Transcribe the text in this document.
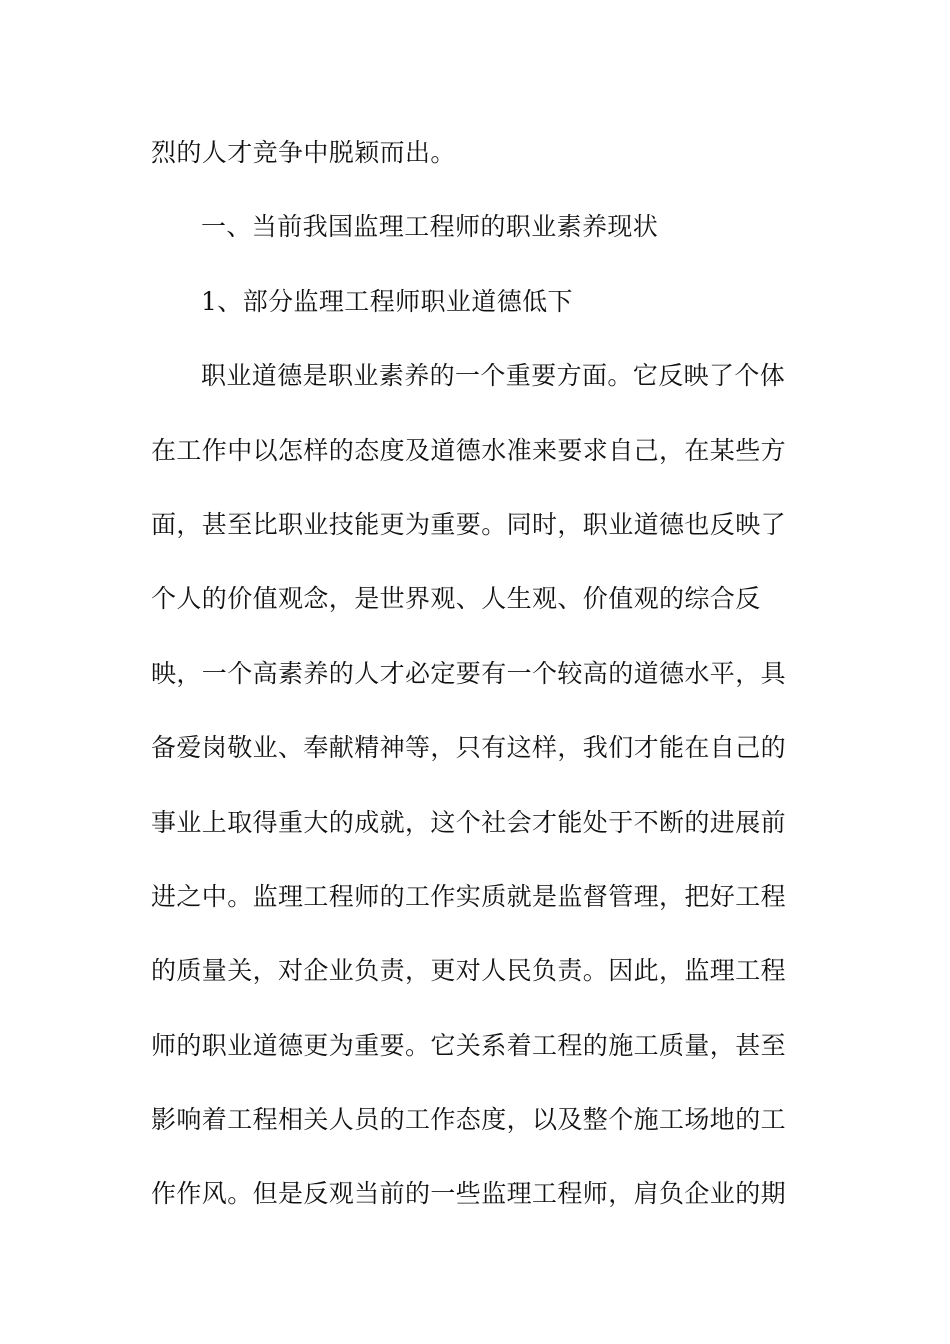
烈的人才竞争中脱颖而出。
一、当前我国监理工程师的职业素养现状
1、部分监理工程师职业道德低下
职业道德是职业素养的一个重要方面。它反映了个体
在工作中以怎样的态度及道德水准来要求自己，在某些方
面，甚至比职业技能更为重要。同时，职业道德也反映了
个人的价值观念，是世界观、人生观、价值观的综合反
映，一个高素养的人才必定要有一个较高的道德水平，具
备爱岗敬业、奉献精神等，只有这样，我们才能在自己的
事业上取得重大的成就，这个社会才能处于不断的进展前
进之中。监理工程师的工作实质就是监督管理，把好工程
的质量关，对企业负责，更对人民负责。因此，监理工程
师的职业道德更为重要。它关系着工程的施工质量，甚至
影响着工程相关人员的工作态度，以及整个施工场地的工
作作风。但是反观当前的一些监理工程师，肩负企业的期
